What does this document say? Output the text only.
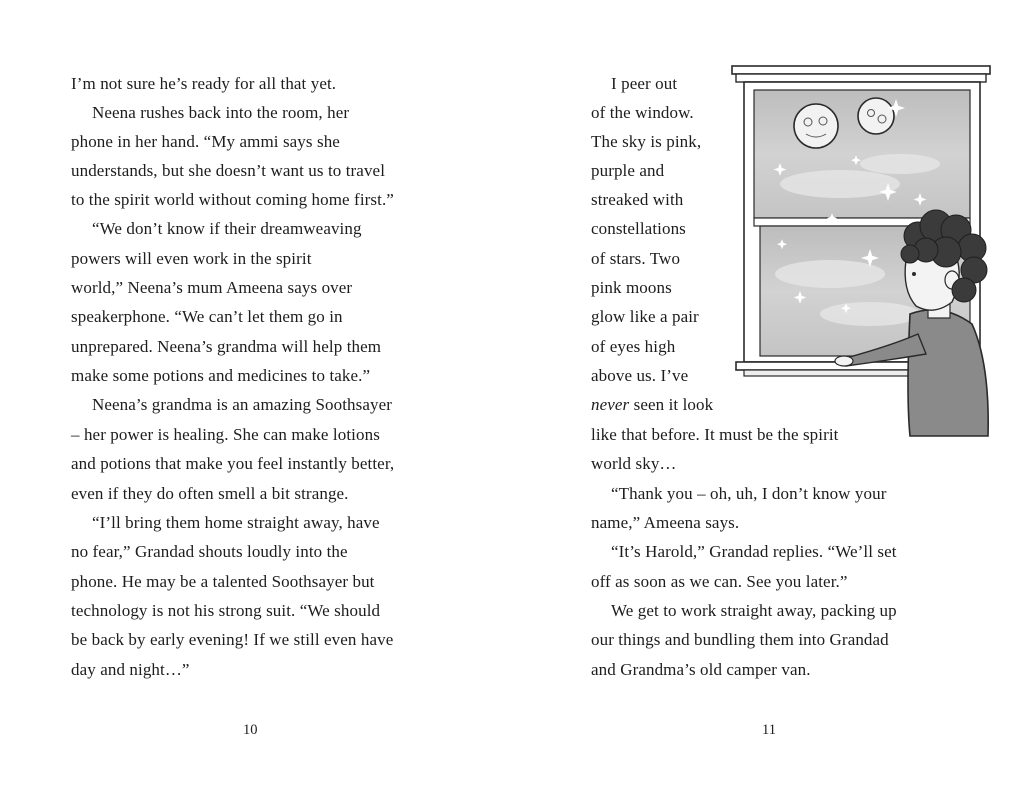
I’m not sure he’s ready for all that yet.
Neena rushes back into the room, her
phone in her hand. “My ammi says she
understands, but she doesn’t want us to travel
to the spirit world without coming home first.”
“We don’t know if their dreamweaving
powers will even work in the spirit
world,” Neena’s mum Ameena says over
speakerphone. “We can’t let them go in
unprepared. Neena’s grandma will help them
make some potions and medicines to take.”
Neena’s grandma is an amazing Soothsayer
– her power is healing. She can make lotions
and potions that make you feel instantly better,
even if they do often smell a bit strange.
“I’ll bring them home straight away, have
no fear,” Grandad shouts loudly into the
phone. He may be a talented Soothsayer but
technology is not his strong suit. “We should
be back by early evening! If we still even have
day and night…”
10
I peer out
of the window.
The sky is pink,
purple and
streaked with
constellations
of stars. Two
pink moons
glow like a pair
of eyes high
above us. I’ve
never seen it look
like that before. It must be the spirit
world sky…
“Thank you – oh, uh, I don’t know your
name,” Ameena says.
“It’s Harold,” Grandad replies. “We’ll set
off as soon as we can. See you later.”
We get to work straight away, packing up
our things and bundling them into Grandad
and Grandma’s old camper van.
11
